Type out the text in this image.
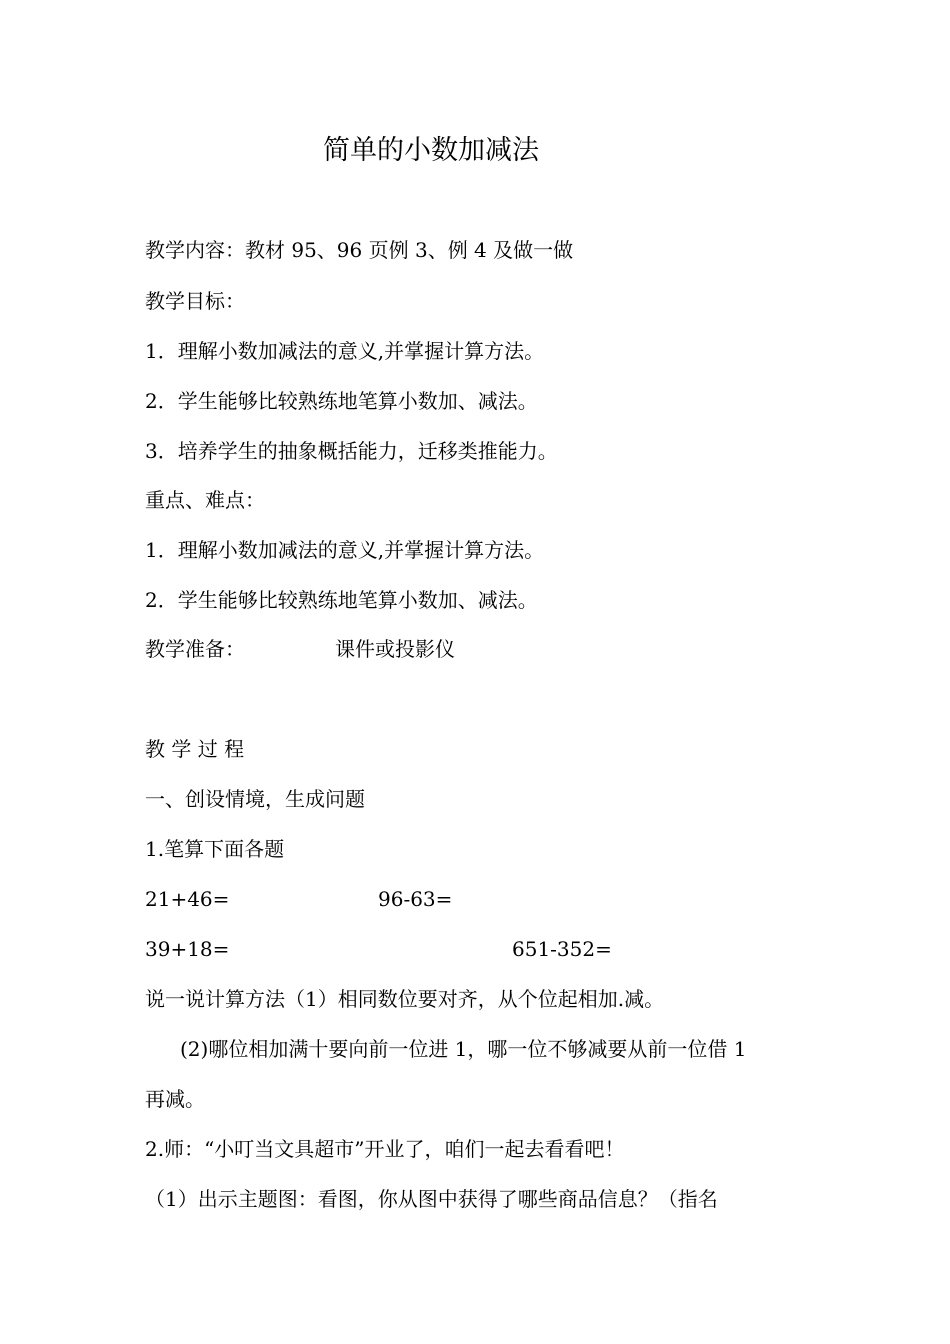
简单的小数加减法
教学内容：教材 95、96 页例 3、例 4 及做一做
教学目标：
1．理解小数加减法的意义,并掌握计算方法。
2．学生能够比较熟练地笔算小数加、减法。
3．培养学生的抽象概括能力，迁移类推能力。
重点、难点：
1．理解小数加减法的意义,并掌握计算方法。
2．学生能够比较熟练地笔算小数加、减法。
教学准备：	课件或投影仪
教 学 过 程
一、创设情境，生成问题
1.笔算下面各题
21+46=	96-63=
39+18=	651-352=
说一说计算方法（1）相同数位要对齐，从个位起相加.减。
(2)哪位相加满十要向前一位进 1，哪一位不够减要从前一位借 1
再减。
2.师：“小叮当文具超市”开业了，咱们一起去看看吧！
（1）出示主题图：看图，你从图中获得了哪些商品信息？（指名
